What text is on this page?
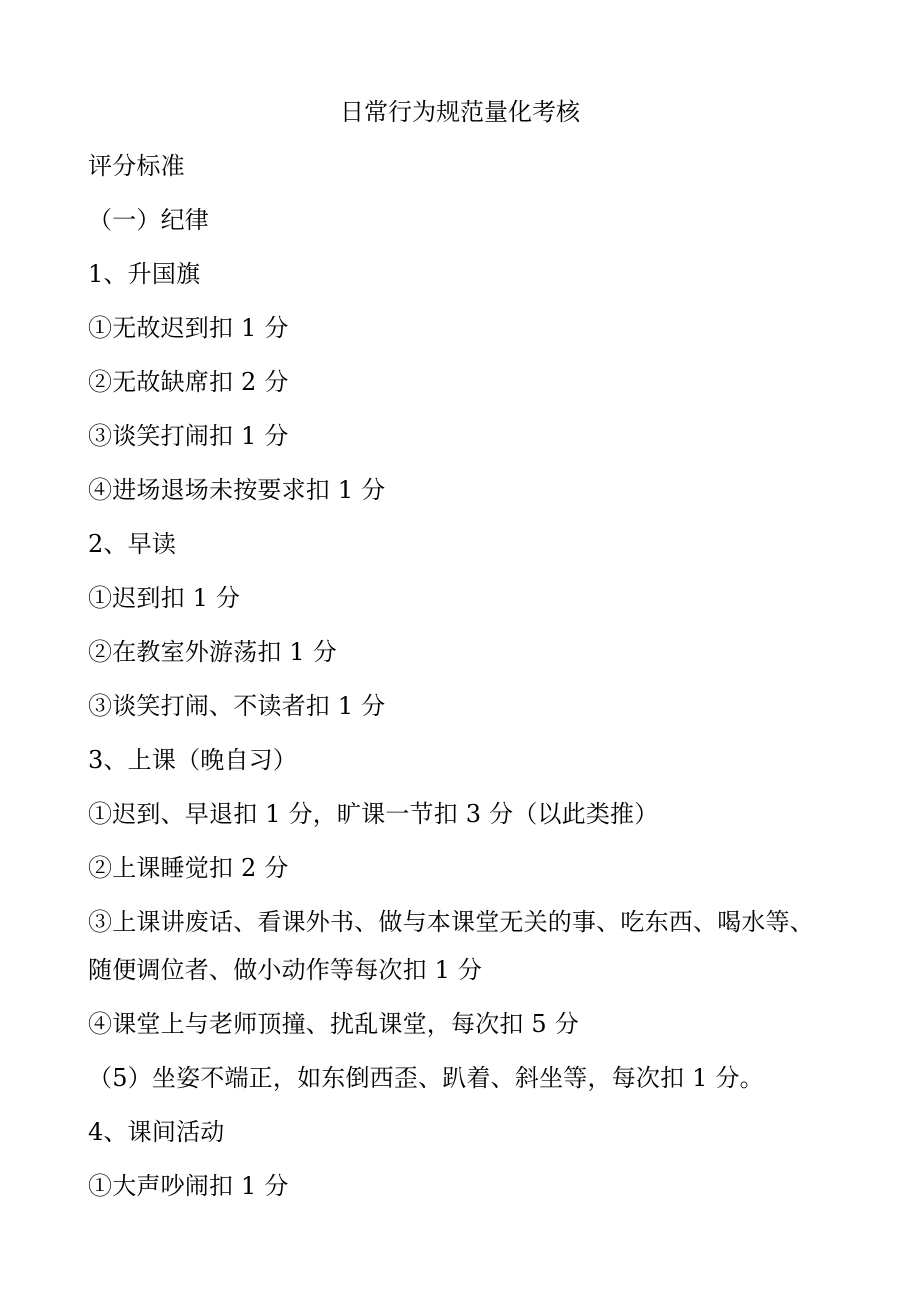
日常行为规范量化考核
评分标准
（一）纪律
1、升国旗
①无故迟到扣 1 分
②无故缺席扣 2 分
③谈笑打闹扣 1 分
④进场退场未按要求扣 1 分
2、早读
①迟到扣 1 分
②在教室外游荡扣 1 分
③谈笑打闹、不读者扣 1 分
3、上课（晚自习）
①迟到、早退扣 1 分，旷课一节扣 3 分（以此类推）
②上课睡觉扣 2 分
③上课讲废话、看课外书、做与本课堂无关的事、吃东西、喝水等、
随便调位者、做小动作等每次扣 1 分
④课堂上与老师顶撞、扰乱课堂，每次扣 5 分
（5）坐姿不端正，如东倒西歪、趴着、斜坐等，每次扣 1 分。
4、课间活动
①大声吵闹扣 1 分
